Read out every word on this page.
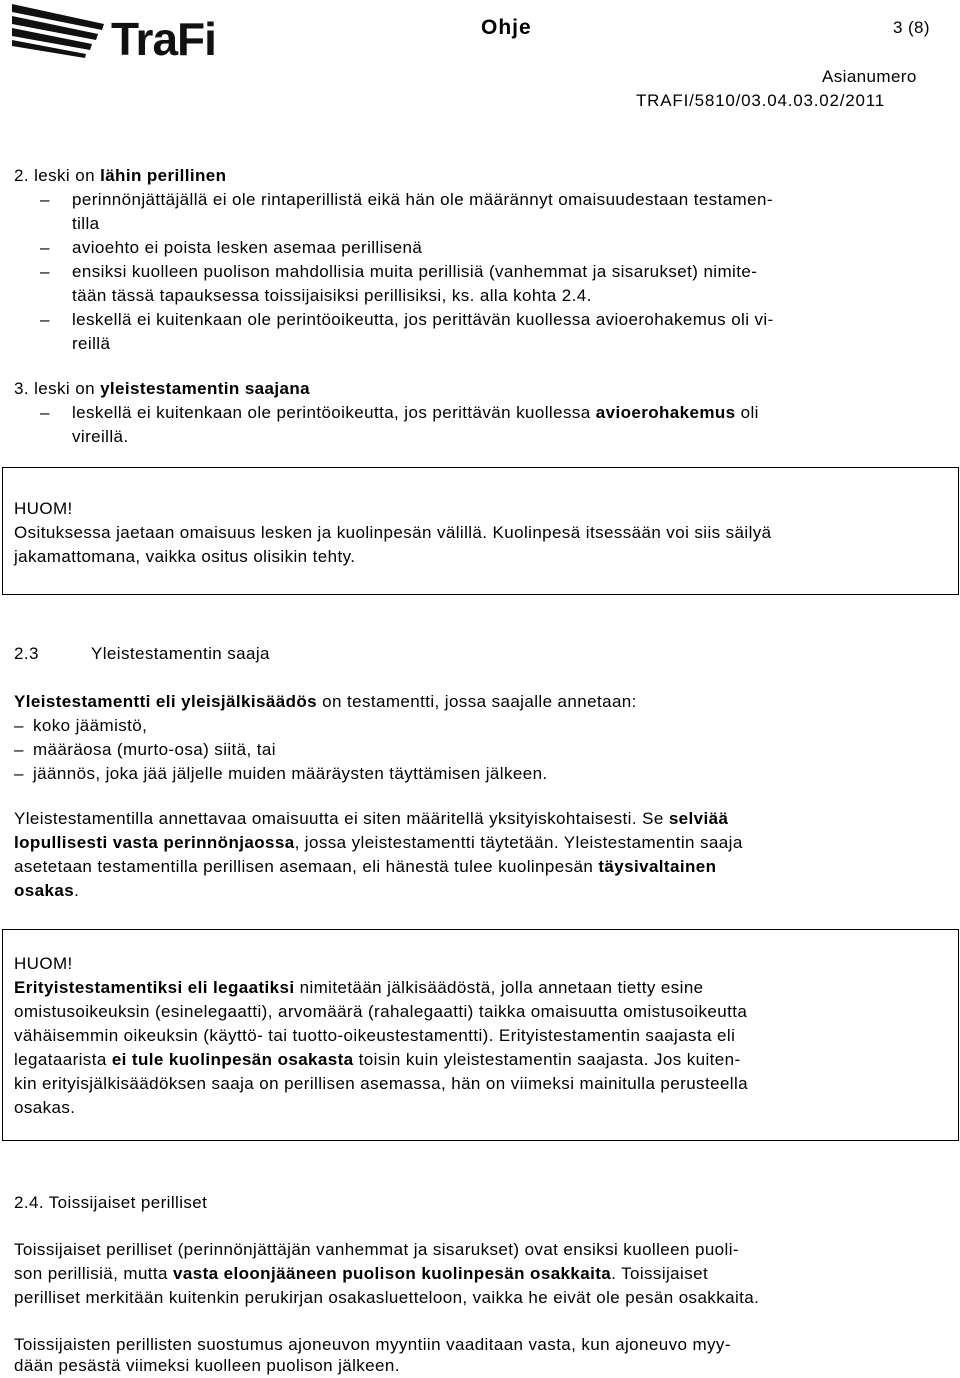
TraFi	Ohje	3 (8)
Asianumero
TRAFI/5810/03.04.03.02/2011
2. leski on lähin perillinen
– perinnönjättäjällä ei ole rintaperillistä eikä hän ole määrännyt omaisuudestaan testamen-
tilla
– avioehto ei poista lesken asemaa perillisenä
– ensiksi kuolleen puolison mahdollisia muita perillisiä (vanhemmat ja sisarukset) nimite-
tään tässä tapauksessa toissijaisiksi perillisiksi, ks. alla kohta 2.4.
– leskellä ei kuitenkaan ole perintöoikeutta, jos perittävän kuollessa avioerohakemus oli vi-
reillä
3. leski on yleistestamentin saajana
– leskellä ei kuitenkaan ole perintöoikeutta, jos perittävän kuollessa avioerohakemus oli
vireillä.
HUOM!
Osituksessa jaetaan omaisuus lesken ja kuolinpesän välillä. Kuolinpesä itsessään voi siis säilyä
jakamattomana, vaikka ositus olisikin tehty.
2.3	Yleistestamentin saaja
Yleistestamentti eli yleisjälkisäädös on testamentti, jossa saajalle annetaan:
– koko jäämistö,
– määräosa (murto-osa) siitä, tai
– jäännös, joka jää jäljelle muiden määräysten täyttämisen jälkeen.
Yleistestamentilla annettavaa omaisuutta ei siten määritellä yksityiskohtaisesti. Se selviää
lopullisesti vasta perinnönjaossa, jossa yleistestamentti täytetään. Yleistestamentin saaja
asetetaan testamentilla perillisen asemaan, eli hänestä tulee kuolinpesän täysivaltainen
osakas.
HUOM!
Erityistestamentiksi eli legaatiksi nimitetään jälkisäädöstä, jolla annetaan tietty esine
omistusoikeuksin (esinelegaatti), arvomäärä (rahalegaatti) taikka omaisuutta omistusoikeutta
vähäisemmin oikeuksin (käyttö- tai tuotto-oikeustestamentti). Erityistestamentin saajasta eli
legataarista ei tule kuolinpesän osakasta toisin kuin yleistestamentin saajasta. Jos kuiten-
kin erityisjälkisäädöksen saaja on perillisen asemassa, hän on viimeksi mainitulla perusteella
osakas.
2.4. Toissijaiset perilliset
Toissijaiset perilliset (perinnönjättäjän vanhemmat ja sisarukset) ovat ensiksi kuolleen puoli-
son perillisiä, mutta vasta eloonjääneen puolison kuolinpesän osakkaita. Toissijaiset
perilliset merkitään kuitenkin perukirjan osakasluetteloon, vaikka he eivät ole pesän osakkaita.
Toissijaisten perillisten suostumus ajoneuvon myyntiin vaaditaan vasta, kun ajoneuvo myy-
dään pesästä viimeksi kuolleen puolison jälkeen.
